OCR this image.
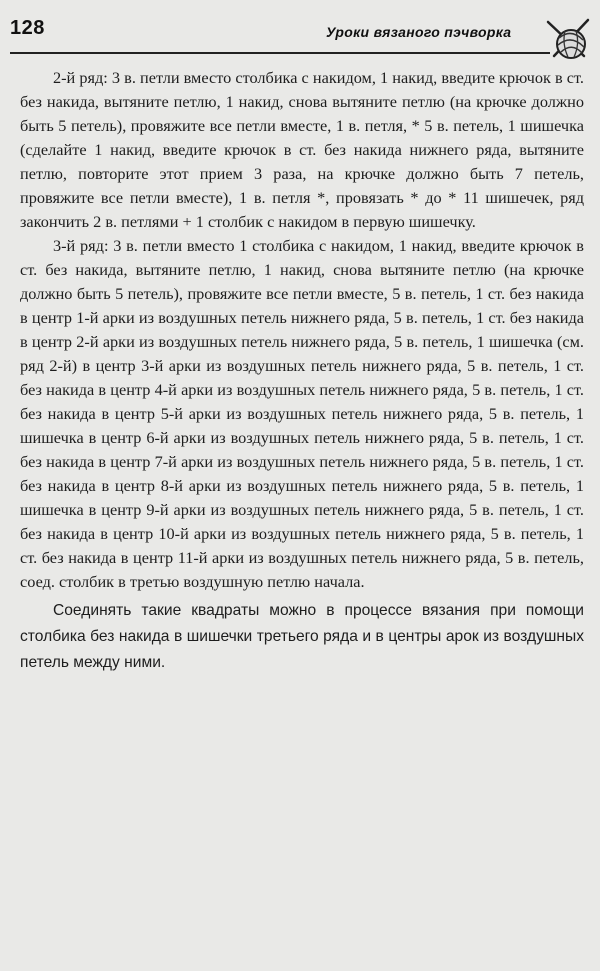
128	Уроки вязаного пэчворка

2-й ряд: 3 в. петли вместо столбика с накидом, 1 накид, введите крючок в ст. без накида, вытяните петлю, 1 накид, снова вытяните петлю (на крючке должно быть 5 петель), провяжите все петли вместе, 1 в. петля, * 5 в. петель, 1 шишечка (сделайте 1 накид, введите крючок в ст. без накида нижнего ряда, вытяните петлю, повторите этот прием 3 раза, на крючке должно быть 7 петель, провяжите все петли вместе), 1 в. петля *, провязать * до * 11 шишечек, ряд закончить 2 в. петлями + 1 столбик с накидом в первую шишечку.

3-й ряд: 3 в. петли вместо 1 столбика с накидом, 1 накид, введите крючок в ст. без накида, вытяните петлю, 1 накид, снова вытяните петлю (на крючке должно быть 5 петель), провяжите все петли вместе, 5 в. петель, 1 ст. без накида в центр 1-й арки из воздушных петель нижнего ряда, 5 в. петель, 1 ст. без накида в центр 2-й арки из воздушных петель нижнего ряда, 5 в. петель, 1 шишечка (см. ряд 2-й) в центр 3-й арки из воздушных петель нижнего ряда, 5 в. петель, 1 ст. без накида в центр 4-й арки из воздушных петель нижнего ряда, 5 в. петель, 1 ст. без накида в центр 5-й арки из воздушных петель нижнего ряда, 5 в. петель, 1 шишечка в центр 6-й арки из воздушных петель нижнего ряда, 5 в. петель, 1 ст. без накида в центр 7-й арки из воздушных петель нижнего ряда, 5 в. петель, 1 ст. без накида в центр 8-й арки из воздушных петель нижнего ряда, 5 в. петель, 1 шишечка в центр 9-й арки из воздушных петель нижнего ряда, 5 в. петель, 1 ст. без накида в центр 10-й арки из воздушных петель нижнего ряда, 5 в. петель, 1 ст. без накида в центр 11-й арки из воздушных петель нижнего ряда, 5 в. петель, соед. столбик в третью воздушную петлю начала.

Соединять такие квадраты можно в процессе вязания при помощи столбика без накида в шишечки третьего ряда и в центры арок из воздушных петель между ними.
